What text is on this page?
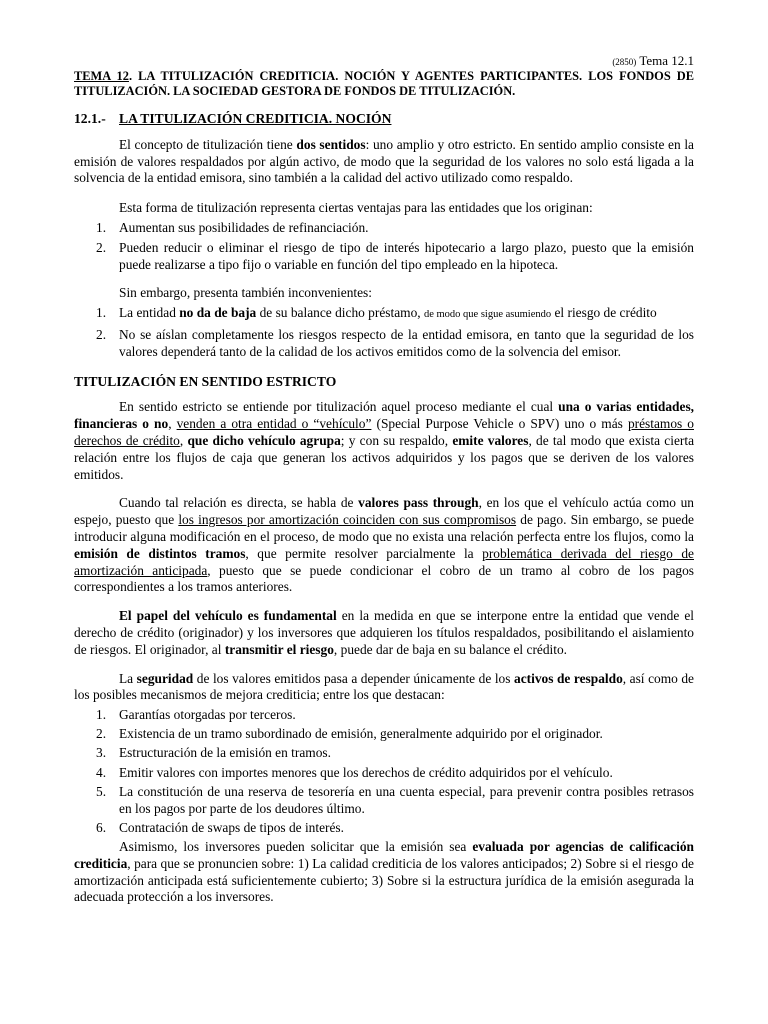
(2850) Tema 12.1
TEMA 12. LA TITULIZACIÓN CREDITICIA. NOCIÓN Y AGENTES PARTICIPANTES. LOS FONDOS DE TITULIZACIÓN. LA SOCIEDAD GESTORA DE FONDOS DE TITULIZACIÓN.
12.1.- LA TITULIZACIÓN CREDITICIA. NOCIÓN

El concepto de titulización tiene dos sentidos: uno amplio y otro estricto. En sentido amplio consiste en la emisión de valores respaldados por algún activo, de modo que la seguridad de los valores no solo está ligada a la solvencia de la entidad emisora, sino también a la calidad del activo utilizado como respaldo.

Esta forma de titulización representa ciertas ventajas para las entidades que los originan:

1. Aumentan sus posibilidades de refinanciación.
2. Pueden reducir o eliminar el riesgo de tipo de interés hipotecario a largo plazo, puesto que la emisión puede realizarse a tipo fijo o variable en función del tipo empleado en la hipoteca.

Sin embargo, presenta también inconvenientes:

1. La entidad no da de baja de su balance dicho préstamo, de modo que sigue asumiendo el riesgo de crédito
2. No se aíslan completamente los riesgos respecto de la entidad emisora, en tanto que la seguridad de los valores dependerá tanto de la calidad de los activos emitidos como de la solvencia del emisor.
TITULIZACIÓN EN SENTIDO ESTRICTO

En sentido estricto se entiende por titulización aquel proceso mediante el cual una o varias entidades, financieras o no, venden a otra entidad o “vehículo” (Special Purpose Vehicle o SPV) uno o más préstamos o derechos de crédito, que dicho vehículo agrupa; y con su respaldo, emite valores, de tal modo que exista cierta relación entre los flujos de caja que generan los activos adquiridos y los pagos que se deriven de los valores emitidos.

Cuando tal relación es directa, se habla de valores pass through, en los que el vehículo actúa como un espejo, puesto que los ingresos por amortización coinciden con sus compromisos de pago. Sin embargo, se puede introducir alguna modificación en el proceso, de modo que no exista una relación perfecta entre los flujos, como la emisión de distintos tramos, que permite resolver parcialmente la problemática derivada del riesgo de amortización anticipada, puesto que se puede condicionar el cobro de un tramo al cobro de los pagos correspondientes a los tramos anteriores.

El papel del vehículo es fundamental en la medida en que se interpone entre la entidad que vende el derecho de crédito (originador) y los inversores que adquieren los títulos respaldados, posibilitando el aislamiento de riesgos. El originador, al transmitir el riesgo, puede dar de baja en su balance el crédito.

La seguridad de los valores emitidos pasa a depender únicamente de los activos de respaldo, así como de los posibles mecanismos de mejora crediticia; entre los que destacan:

1. Garantías otorgadas por terceros.
2. Existencia de un tramo subordinado de emisión, generalmente adquirido por el originador.
3. Estructuración de la emisión en tramos.
4. Emitir valores con importes menores que los derechos de crédito adquiridos por el vehículo.
5. La constitución de una reserva de tesorería en una cuenta especial, para prevenir contra posibles retrasos en los pagos por parte de los deudores último.
6. Contratación de swaps de tipos de interés.

Asimismo, los inversores pueden solicitar que la emisión sea evaluada por agencias de calificación crediticia, para que se pronuncien sobre: 1) La calidad crediticia de los valores anticipados; 2) Sobre si el riesgo de amortización anticipada está suficientemente cubierto; 3) Sobre si la estructura jurídica de la emisión asegurada la adecuada protección a los inversores.
